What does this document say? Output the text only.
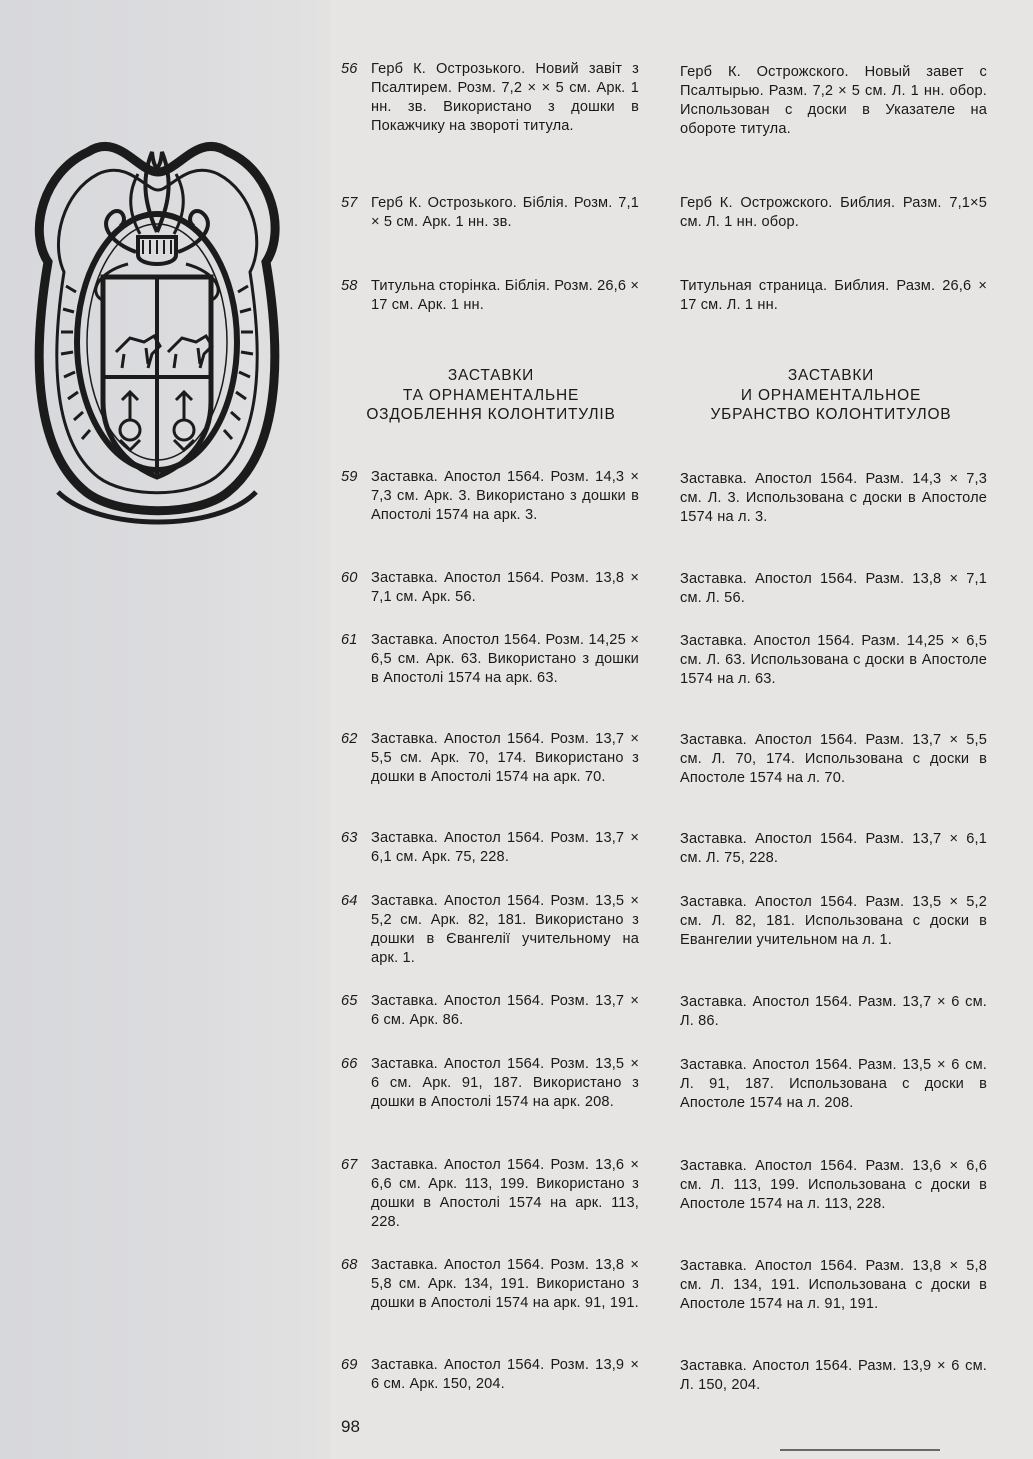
ЗАСТАВКИ
ТА ОРНАМЕНТАЛЬНЕ
ОЗДОБЛЕННЯ КОЛОНТИТУЛІВ
ЗАСТАВКИ
И ОРНАМЕНТАЛЬНОЕ
УБРАНСТВО КОЛОНТИТУЛОВ
56 Герб К. Острозького. Новий завіт з Псалтирем. Розм. 7,2 × × 5 см. Арк. 1 нн. зв. Використано з дошки в Покажчику на звороті титула.
57 Герб К. Острозького. Біблія. Розм. 7,1 × 5 см. Арк. 1 нн. зв.
58 Титульна сторінка. Біблія. Розм. 26,6 × 17 см. Арк. 1 нн.
59 Заставка. Апостол 1564. Розм. 14,3 × 7,3 см. Арк. 3. Використано з дошки в Апостолі 1574 на арк. 3.
60 Заставка. Апостол 1564. Розм. 13,8 × 7,1 см. Арк. 56.
61 Заставка. Апостол 1564. Розм. 14,25 × 6,5 см. Арк. 63. Використано з дошки в Апостолі 1574 на арк. 63.
62 Заставка. Апостол 1564. Розм. 13,7 × 5,5 см. Арк. 70, 174. Використано з дошки в Апостолі 1574 на арк. 70.
63 Заставка. Апостол 1564. Розм. 13,7 × 6,1 см. Арк. 75, 228.
64 Заставка. Апостол 1564. Розм. 13,5 × 5,2 см. Арк. 82, 181. Використано з дошки в Євангелії учительному на арк. 1.
65 Заставка. Апостол 1564. Розм. 13,7 × 6 см. Арк. 86.
66 Заставка. Апостол 1564. Розм. 13,5 × 6 см. Арк. 91, 187. Використано з дошки в Апостолі 1574 на арк. 208.
67 Заставка. Апостол 1564. Розм. 13,6 × 6,6 см. Арк. 113, 199. Використано з дошки в Апостолі 1574 на арк. 113, 228.
68 Заставка. Апостол 1564. Розм. 13,8 × 5,8 см. Арк. 134, 191. Використано з дошки в Апостолі 1574 на арк. 91, 191.
69 Заставка. Апостол 1564. Розм. 13,9 × 6 см. Арк. 150, 204.
Герб К. Острожского. Новый завет с Псалтырью. Разм. 7,2 × 5 см. Л. 1 нн. обор. Использован с доски в Указателе на обороте титула.
Герб К. Острожского. Библия. Разм. 7,1×5 см. Л. 1 нн. обор.
Титульная страница. Библия. Разм. 26,6 × 17 см. Л. 1 нн.
Заставка. Апостол 1564. Разм. 14,3 × 7,3 см. Л. 3. Использована с доски в Апостоле 1574 на л. 3.
Заставка. Апостол 1564. Разм. 13,8 × 7,1 см. Л. 56.
Заставка. Апостол 1564. Разм. 14,25 × 6,5 см. Л. 63. Использована с доски в Апостоле 1574 на л. 63.
Заставка. Апостол 1564. Разм. 13,7 × 5,5 см. Л. 70, 174. Использована с доски в Апостоле 1574 на л. 70.
Заставка. Апостол 1564. Разм. 13,7 × 6,1 см. Л. 75, 228.
Заставка. Апостол 1564. Разм. 13,5 × 5,2 см. Л. 82, 181. Использована с доски в Евангелии учительном на л. 1.
Заставка. Апостол 1564. Разм. 13,7 × 6 см. Л. 86.
Заставка. Апостол 1564. Разм. 13,5 × 6 см. Л. 91, 187. Использована с доски в Апостоле 1574 на л. 208.
Заставка. Апостол 1564. Разм. 13,6 × 6,6 см. Л. 113, 199. Использована с доски в Апостоле 1574 на л. 113, 228.
Заставка. Апостол 1564. Разм. 13,8 × 5,8 см. Л. 134, 191. Использована с доски в Апостоле 1574 на л. 91, 191.
Заставка. Апостол 1564. Разм. 13,9 × 6 см. Л. 150, 204.
98
